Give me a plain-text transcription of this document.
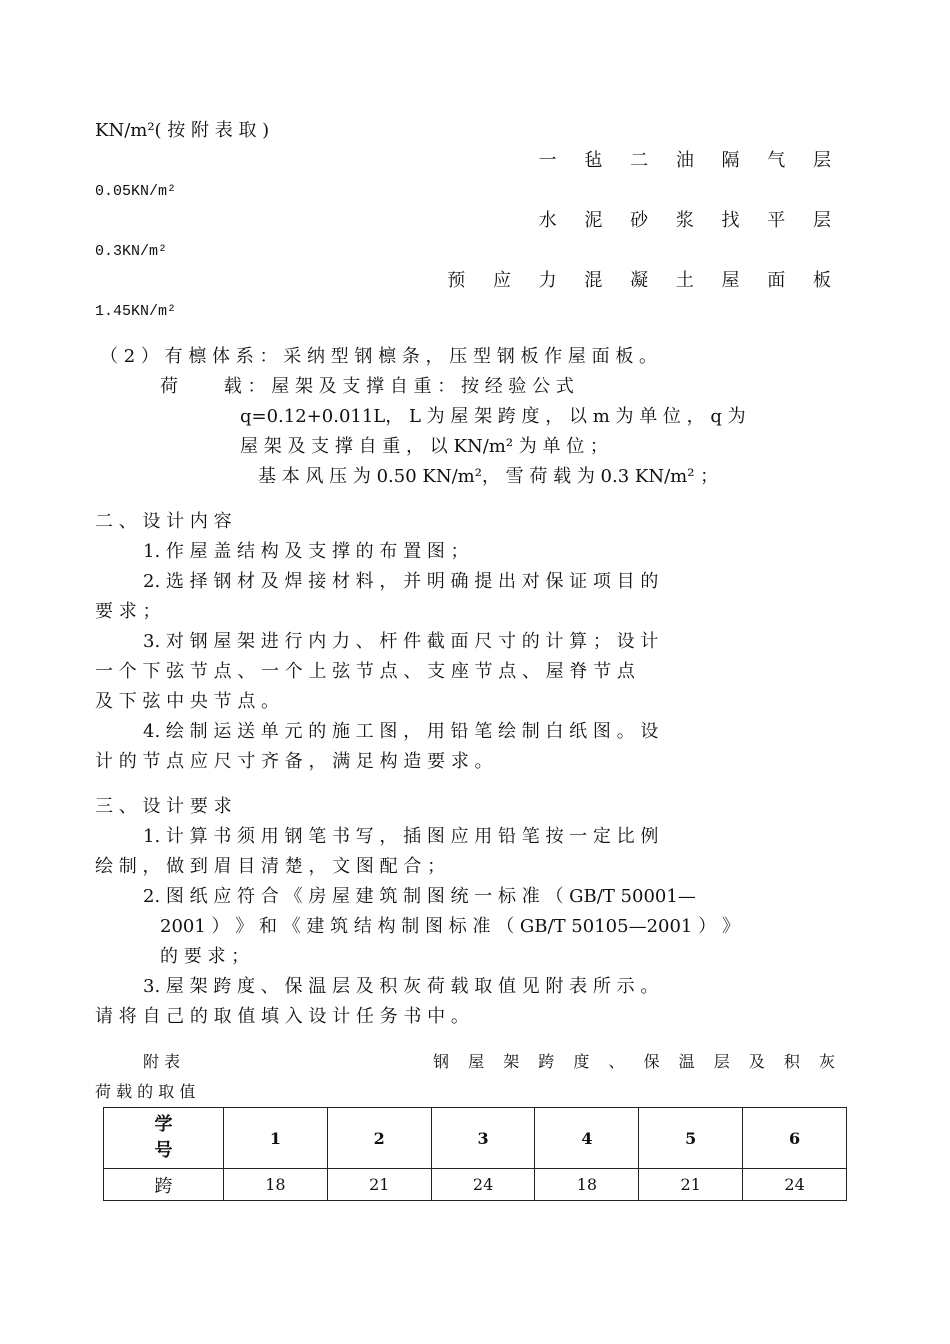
KN/m²( 按 附 表 取 )
一 毡 二 油 隔 气 层
0.05KN/m²
水 泥 砂 浆 找 平 层
0.3KN/m²
预 应 力 混 凝 土 屋 面 板
1.45KN/m²
（ 2 ） 有 檩 体 系 ： 采 纳 型 钢 檩 条 ， 压 型 钢 板 作 屋 面 板 。
荷        载 ： 屋 架 及 支 撑 自 重 ： 按 经 验 公 式
q=0.12+0.011L， L 为 屋 架 跨 度 ， 以 m 为 单 位 ， q 为
屋 架 及 支 撑 自 重 ， 以 KN/m² 为 单 位 ；
基 本 风 压 为 0.50 KN/m²， 雪 荷 载 为 0.3 KN/m² ；
二 、 设 计 内 容
1. 作 屋 盖 结 构 及 支 撑 的 布 置 图 ；
2. 选 择 钢 材 及 焊 接 材 料 ， 并 明 确 提 出 对 保 证 项 目 的
要 求 ；
3. 对 钢 屋 架 进 行 内 力 、 杆 件 截 面 尺 寸 的 计 算 ； 设 计
一 个 下 弦 节 点 、 一 个 上 弦 节 点 、 支 座 节 点 、 屋 脊 节 点
及 下 弦 中 央 节 点 。
4. 绘 制 运 送 单 元 的 施 工 图 ， 用 铅 笔 绘 制 白 纸 图 。 设
计 的 节 点 应 尺 寸 齐 备 ， 满 足 构 造 要 求 。
三 、 设 计 要 求
1. 计 算 书 须 用 钢 笔 书 写 ， 插 图 应 用 铅 笔 按 一 定 比 例
绘 制 ， 做 到 眉 目 清 楚 ， 文 图 配 合 ；
2. 图 纸 应 符 合 《 房 屋 建 筑 制 图 统 一 标 准 （ GB/T 50001—
2001 ） 》 和 《 建 筑 结 构 制 图 标 准 （ GB/T 50105—2001 ） 》
的 要 求 ；
3. 屋 架 跨 度 、 保 温 层 及 积 灰 荷 载 取 值 见 附 表 所 示 。
请 将 自 己 的 取 值 填 入 设 计 任 务 书 中 。
附 表	钢 屋 架 跨 度 、 保 温 层 及 积 灰
荷 载 的 取 值
学
号	1	2	3	4	5	6
跨	18	21	24	18	21	24
